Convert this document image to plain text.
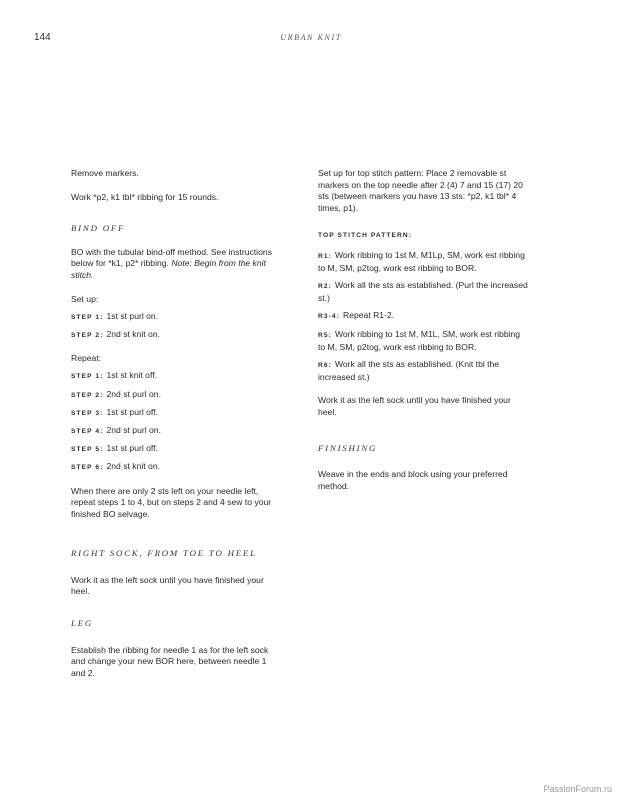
144	URBAN KNIT

Remove markers.

Work *p2, k1 tbl* ribbing for 15 rounds.

BIND OFF

BO with the tubular bind-off method. See instructions below for *k1, p2* ribbing. Note: Begin from the knit stitch.

Set up:

STEP 1: 1st st purl on.

STEP 2: 2nd st knit on.

Repeat:

STEP 1: 1st st knit off.

STEP 2: 2nd st purl on.

STEP 3: 1st st purl off.

STEP 4: 2nd st purl on.

STEP 5: 1st st purl off.

STEP 6: 2nd st knit on.

When there are only 2 sts left on your needle left, repeat steps 1 to 4, but on steps 2 and 4 sew to your finished BO selvage.

RIGHT SOCK, FROM TOE TO HEEL

Work it as the left sock until you have finished your heel.

LEG

Establish the ribbing for needle 1 as for the left sock and change your new BOR here, between needle 1 and 2.

Set up for top stitch pattern: Place 2 removable st markers on the top needle after 2 (4) 7 and 15 (17) 20 sts (between markers you have 13 sts: *p2, k1 tbl* 4 times, p1).

TOP STITCH PATTERN:

R1: Work ribbing to 1st M, M1Lp, SM, work est ribbing to M, SM, p2tog, work est ribbing to BOR.

R2: Work all the sts as established. (Purl the increased st.)

R3-4: Repeat R1-2.

R5: Work ribbing to 1st M, M1L, SM, work est ribbing to M, SM, p2tog, work est ribbing to BOR.

R6: Work all the sts as established. (Knit tbl the increased st.)

Work it as the left sock until you have finished your heel.

FINISHING

Weave in the ends and block using your preferred method.

PassionForum.ru
